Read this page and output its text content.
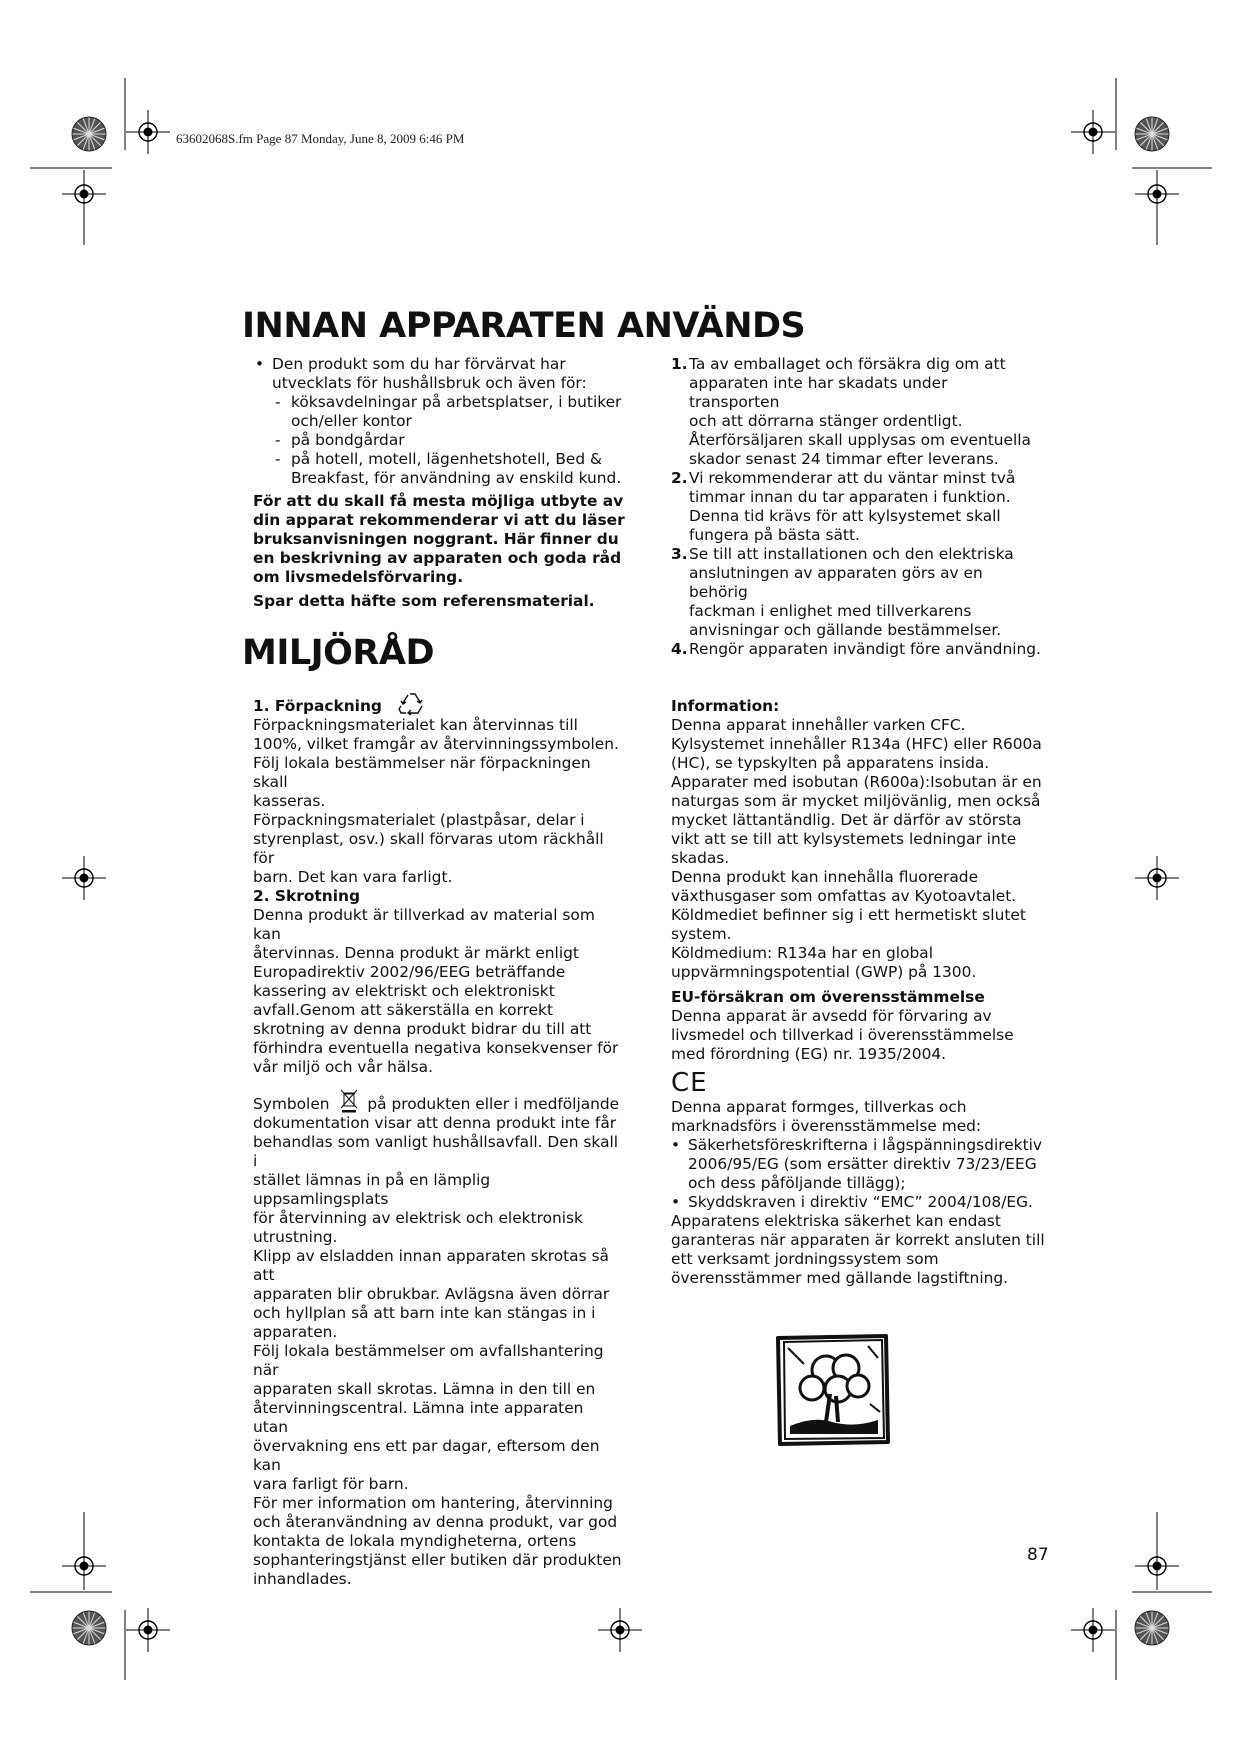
63602068S.fm Page 87 Monday, June 8, 2009 6:46 PM
INNAN APPARATEN ANVÄNDS
• Den produkt som du har förvärvat har

utvecklats för hushållsbruk och även för:

- köksavdelningar på arbetsplatser, i butiker

och/eller kontor

- på bondgårdar

- på hotell, motell, lägenhetshotell, Bed &

Breakfast, för användning av enskild kund.

För att du skall få mesta möjliga utbyte av

din apparat rekommenderar vi att du läser

bruksanvisningen noggrant. Här finner du

en beskrivning av apparaten och goda råd

om livsmedelsförvaring.

Spar detta häfte som referensmaterial.

1. Ta av emballaget och försäkra dig om att

apparaten inte har skadats under transporten

och att dörrarna stänger ordentligt.

Återförsäljaren skall upplysas om eventuella

skador senast 24 timmar efter leverans.

2. Vi rekommenderar att du väntar minst två

timmar innan du tar apparaten i funktion.

Denna tid krävs för att kylsystemet skall

fungera på bästa sätt.

3. Se till att installationen och den elektriska

anslutningen av apparaten görs av en behörig

fackman i enlighet med tillverkarens

anvisningar och gällande bestämmelser.

4. Rengör apparaten invändigt före användning.

MILJÖRÅD

1. Förpackning

Förpackningsmaterialet kan återvinnas till

100%, vilket framgår av återvinningssymbolen.

Följ lokala bestämmelser när förpackningen skall

kasseras.

Förpackningsmaterialet (plastpåsar, delar i

styrenplast, osv.) skall förvaras utom räckhåll för

barn. Det kan vara farligt.

2. Skrotning

Denna produkt är tillverkad av material som kan

återvinnas. Denna produkt är märkt enligt

Europadirektiv 2002/96/EEG beträffande

kassering av elektriskt och elektroniskt

avfall.Genom att säkerställa en korrekt

skrotning av denna produkt bidrar du till att

förhindra eventuella negativa konsekvenser för

vår miljö och vår hälsa.

Symbolen på produkten eller i medföljande

dokumentation visar att denna produkt inte får

behandlas som vanligt hushållsavfall. Den skall i

stället lämnas in på en lämplig uppsamlingsplats

för återvinning av elektrisk och elektronisk

utrustning.

Klipp av elsladden innan apparaten skrotas så att

apparaten blir obrukbar. Avlägsna även dörrar

och hyllplan så att barn inte kan stängas in i

apparaten.

Följ lokala bestämmelser om avfallshantering när

apparaten skall skrotas. Lämna in den till en

återvinningscentral. Lämna inte apparaten utan

övervakning ens ett par dagar, eftersom den kan

vara farligt för barn.

För mer information om hantering, återvinning

och återanvändning av denna produkt, var god

kontakta de lokala myndigheterna, ortens

sophanteringstjänst eller butiken där produkten

inhandlades.

Information:

Denna apparat innehåller varken CFC.

Kylsystemet innehåller R134a (HFC) eller R600a

(HC), se typskylten på apparatens insida.

Apparater med isobutan (R600a):Isobutan är en

naturgas som är mycket miljövänlig, men också

mycket lättantändlig. Det är därför av största

vikt att se till att kylsystemets ledningar inte

skadas.

Denna produkt kan innehålla fluorerade

växthusgaser som omfattas av Kyotoavtalet.

Köldmediet befinner sig i ett hermetiskt slutet

system.

Köldmedium: R134a har en global

uppvärmningspotential (GWP) på 1300.

EU-försäkran om överensstämmelse

Denna apparat är avsedd för förvaring av

livsmedel och tillverkad i överensstämmelse

med förordning (EG) nr. 1935/2004.

CE

Denna apparat formges, tillverkas och

marknadsförs i överensstämmelse med:

• Säkerhetsföreskrifterna i lågspänningsdirektiv

2006/95/EG (som ersätter direktiv 73/23/EEG

och dess påföljande tillägg);

• Skyddskraven i direktiv “EMC” 2004/108/EG.

Apparatens elektriska säkerhet kan endast

garanteras när apparaten är korrekt ansluten till

ett verksamt jordningssystem som

överensstämmer med gällande lagstiftning.

87
